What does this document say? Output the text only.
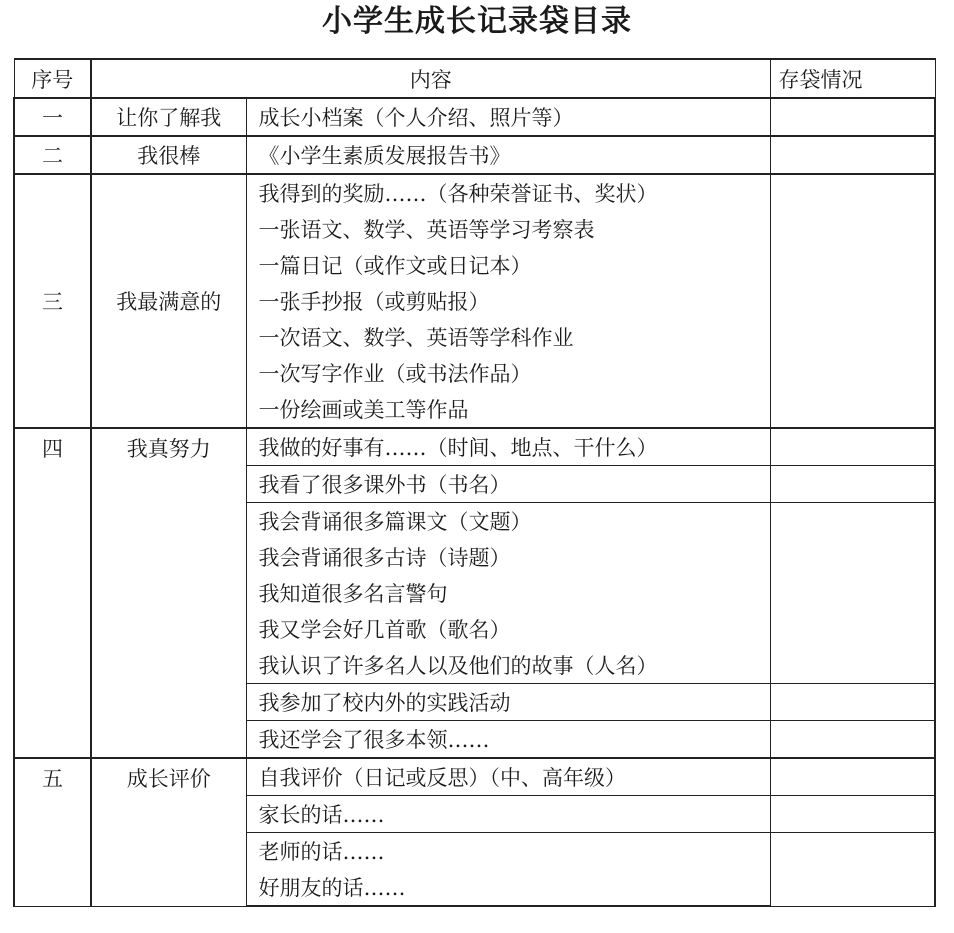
小学生成长记录袋目录
序号	内容		存袋情况
一	让你了解我	成长小档案（个人介绍、照片等）	
二	我很棒	《小学生素质发展报告书》	
三	我最满意的	我得到的奖励……（各种荣誉证书、奖状）	
		一张语文、数学、英语等学习考察表	
		一篇日记（或作文或日记本）	
		一张手抄报（或剪贴报）	
		一次语文、数学、英语等学科作业	
		一次写字作业（或书法作品）	
		一份绘画或美工等作品	
四	我真努力	我做的好事有……（时间、地点、干什么）	
		我看了很多课外书（书名）	
		我会背诵很多篇课文（文题）	
		我会背诵很多古诗（诗题）	
		我知道很多名言警句	
		我又学会好几首歌（歌名）	
		我认识了许多名人以及他们的故事（人名）	
		我参加了校内外的实践活动	
		我还学会了很多本领……	
五	成长评价	自我评价（日记或反思）（中、高年级）	
		家长的话……	
		老师的话……	
		好朋友的话……	
